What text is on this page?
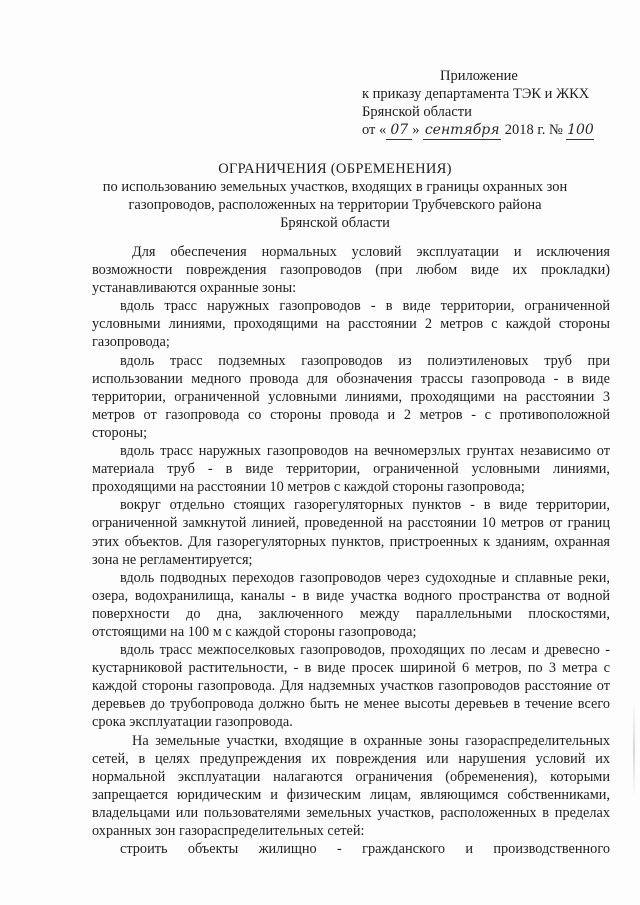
Приложение
к приказу департамента ТЭК и ЖКХ
Брянской области
от « 07 » сентября 2018 г. № 100
ОГРАНИЧЕНИЯ (ОБРЕМЕНЕНИЯ)
по использованию земельных участков, входящих в границы охранных зон газопроводов, расположенных на территории Трубчевского района Брянской области

Для обеспечения нормальных условий эксплуатации и исключения возможности повреждения газопроводов (при любом виде их прокладки) устанавливаются охранные зоны:

вдоль трасс наружных газопроводов - в виде территории, ограниченной условными линиями, проходящими на расстоянии 2 метров с каждой стороны газопровода;

вдоль трасс подземных газопроводов из полиэтиленовых труб при использовании медного провода для обозначения трассы газопровода - в виде территории, ограниченной условными линиями, проходящими на расстоянии 3 метров от газопровода со стороны провода и 2 метров - с противоположной стороны;

вдоль трасс наружных газопроводов на вечномерзлых грунтах независимо от материала труб - в виде территории, ограниченной условными линиями, проходящими на расстоянии 10 метров с каждой стороны газопровода;

вокруг отдельно стоящих газорегуляторных пунктов - в виде территории, ограниченной замкнутой линией, проведенной на расстоянии 10 метров от границ этих объектов. Для газорегуляторных пунктов, пристроенных к зданиям, охранная зона не регламентируется;

вдоль подводных переходов газопроводов через судоходные и сплавные реки, озера, водохранилища, каналы - в виде участка водного пространства от водной поверхности до дна, заключенного между параллельными плоскостями, отстоящими на 100 м с каждой стороны газопровода;

вдоль трасс межпоселковых газопроводов, проходящих по лесам и древесно - кустарниковой растительности, - в виде просек шириной 6 метров, по 3 метра с каждой стороны газопровода. Для надземных участков газопроводов расстояние от деревьев до трубопровода должно быть не менее высоты деревьев в течение всего срока эксплуатации газопровода.

На земельные участки, входящие в охранные зоны газораспределительных сетей, в целях предупреждения их повреждения или нарушения условий их нормальной эксплуатации налагаются ограничения (обременения), которыми запрещается юридическим и физическим лицам, являющимся собственниками, владельцами или пользователями земельных участков, расположенных в пределах охранных зон газораспределительных сетей:

строить объекты жилищно - гражданского и производственного
